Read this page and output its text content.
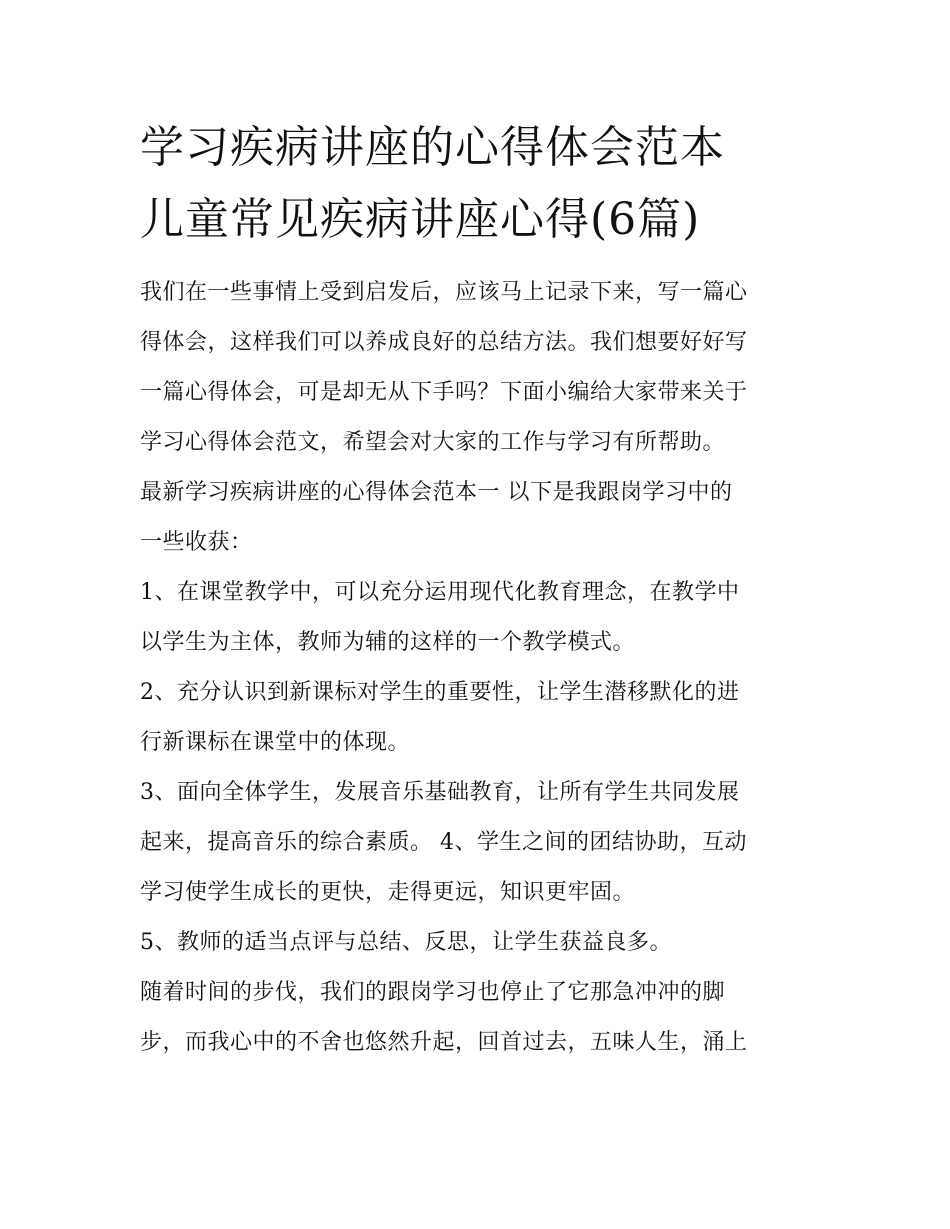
学习疾病讲座的心得体会范本
儿童常见疾病讲座心得(6篇)

我们在一些事情上受到启发后，应该马上记录下来，写一篇心
得体会，这样我们可以养成良好的总结方法。我们想要好好写
一篇心得体会，可是却无从下手吗？下面小编给大家带来关于
学习心得体会范文，希望会对大家的工作与学习有所帮助。

最新学习疾病讲座的心得体会范本一 以下是我跟岗学习中的
一些收获：

1、在课堂教学中，可以充分运用现代化教育理念，在教学中
以学生为主体，教师为辅的这样的一个教学模式。

2、充分认识到新课标对学生的重要性，让学生潜移默化的进
行新课标在课堂中的体现。

3、面向全体学生，发展音乐基础教育，让所有学生共同发展
起来，提高音乐的综合素质。 4、学生之间的团结协助，互动
学习使学生成长的更快，走得更远，知识更牢固。

5、教师的适当点评与总结、反思，让学生获益良多。

随着时间的步伐，我们的跟岗学习也停止了它那急冲冲的脚
步，而我心中的不舍也悠然升起，回首过去，五味人生，涌上
